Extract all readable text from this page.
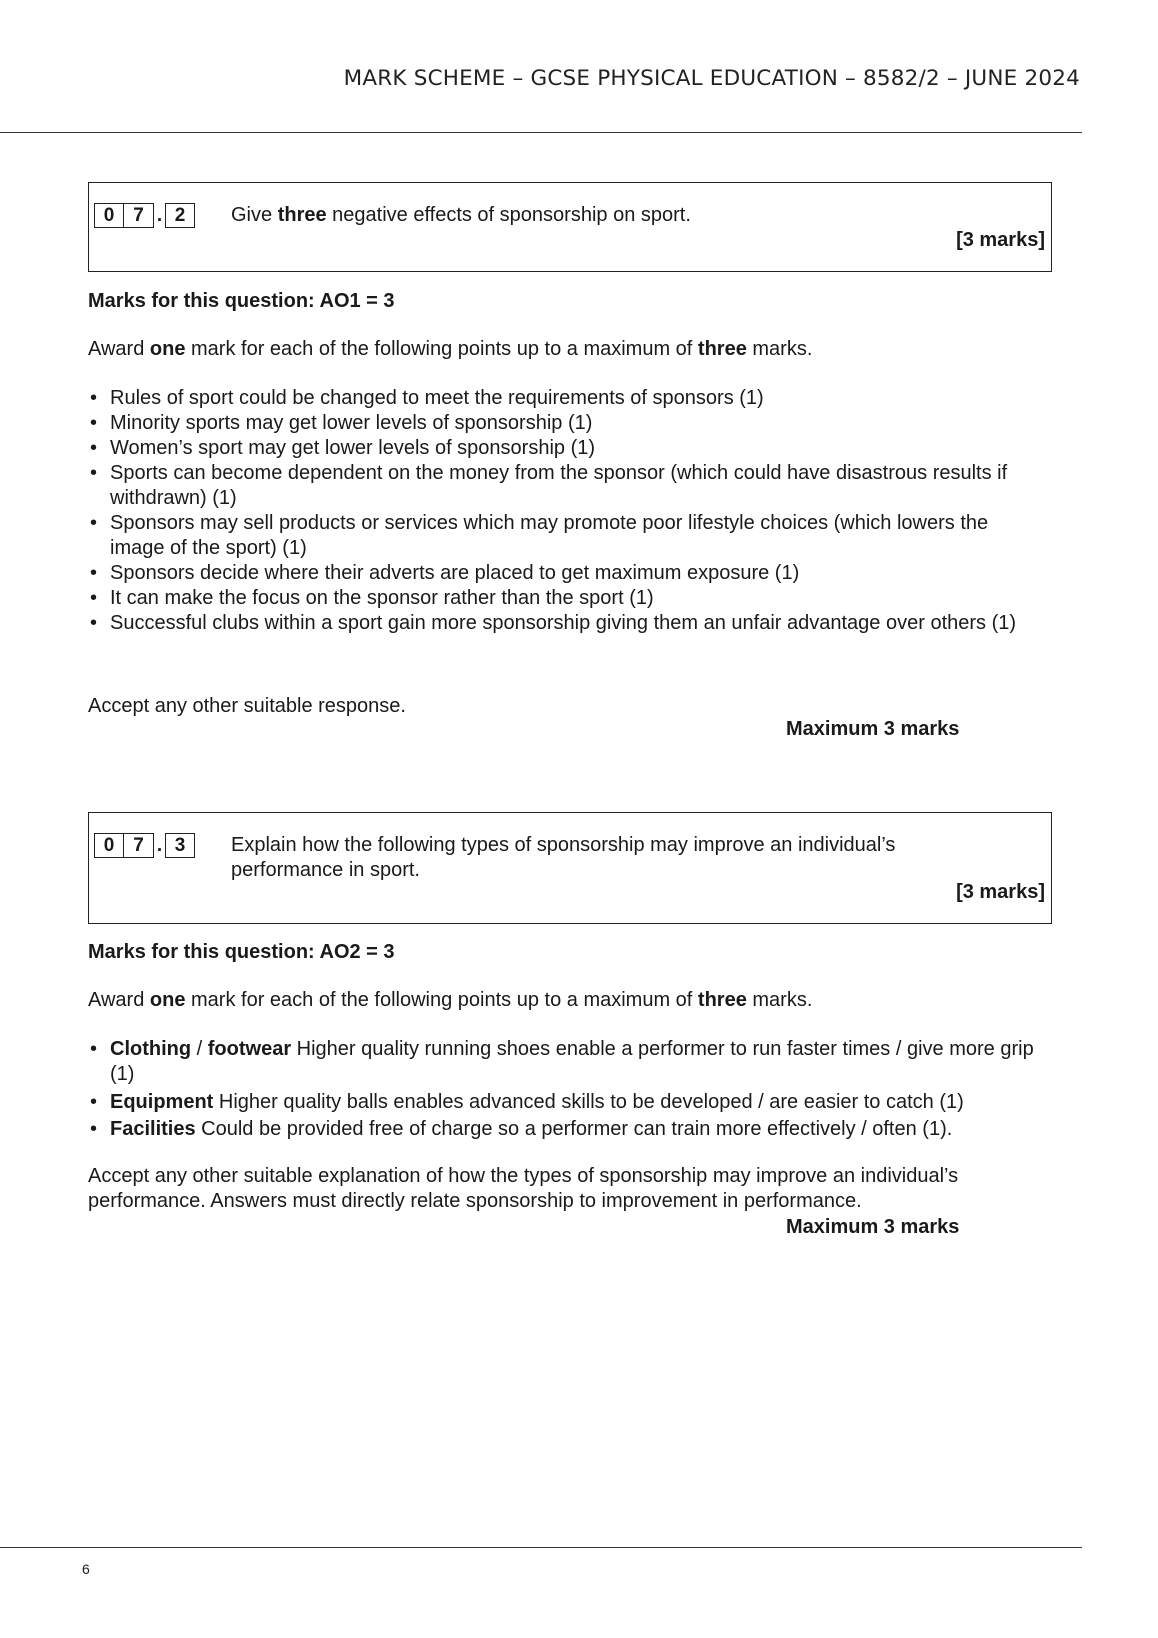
MARK SCHEME – GCSE PHYSICAL EDUCATION – 8582/2 – JUNE 2024
0 7 . 2	Give three negative effects of sponsorship on sport.
[3 marks]
Marks for this question: AO1 = 3
Award one mark for each of the following points up to a maximum of three marks.
• Rules of sport could be changed to meet the requirements of sponsors (1)
• Minority sports may get lower levels of sponsorship (1)
• Women’s sport may get lower levels of sponsorship (1)
• Sports can become dependent on the money from the sponsor (which could have disastrous results if withdrawn) (1)
• Sponsors may sell products or services which may promote poor lifestyle choices (which lowers the image of the sport) (1)
• Sponsors decide where their adverts are placed to get maximum exposure (1)
• It can make the focus on the sponsor rather than the sport (1)
• Successful clubs within a sport gain more sponsorship giving them an unfair advantage over others (1)
Accept any other suitable response.
Maximum 3 marks
0 7 . 3	Explain how the following types of sponsorship may improve an individual’s performance in sport.
[3 marks]
Marks for this question: AO2 = 3
Award one mark for each of the following points up to a maximum of three marks.
• Clothing / footwear Higher quality running shoes enable a performer to run faster times / give more grip (1)
• Equipment Higher quality balls enables advanced skills to be developed / are easier to catch (1)
• Facilities Could be provided free of charge so a performer can train more effectively / often (1).
Accept any other suitable explanation of how the types of sponsorship may improve an individual’s performance. Answers must directly relate sponsorship to improvement in performance.
Maximum 3 marks
6
